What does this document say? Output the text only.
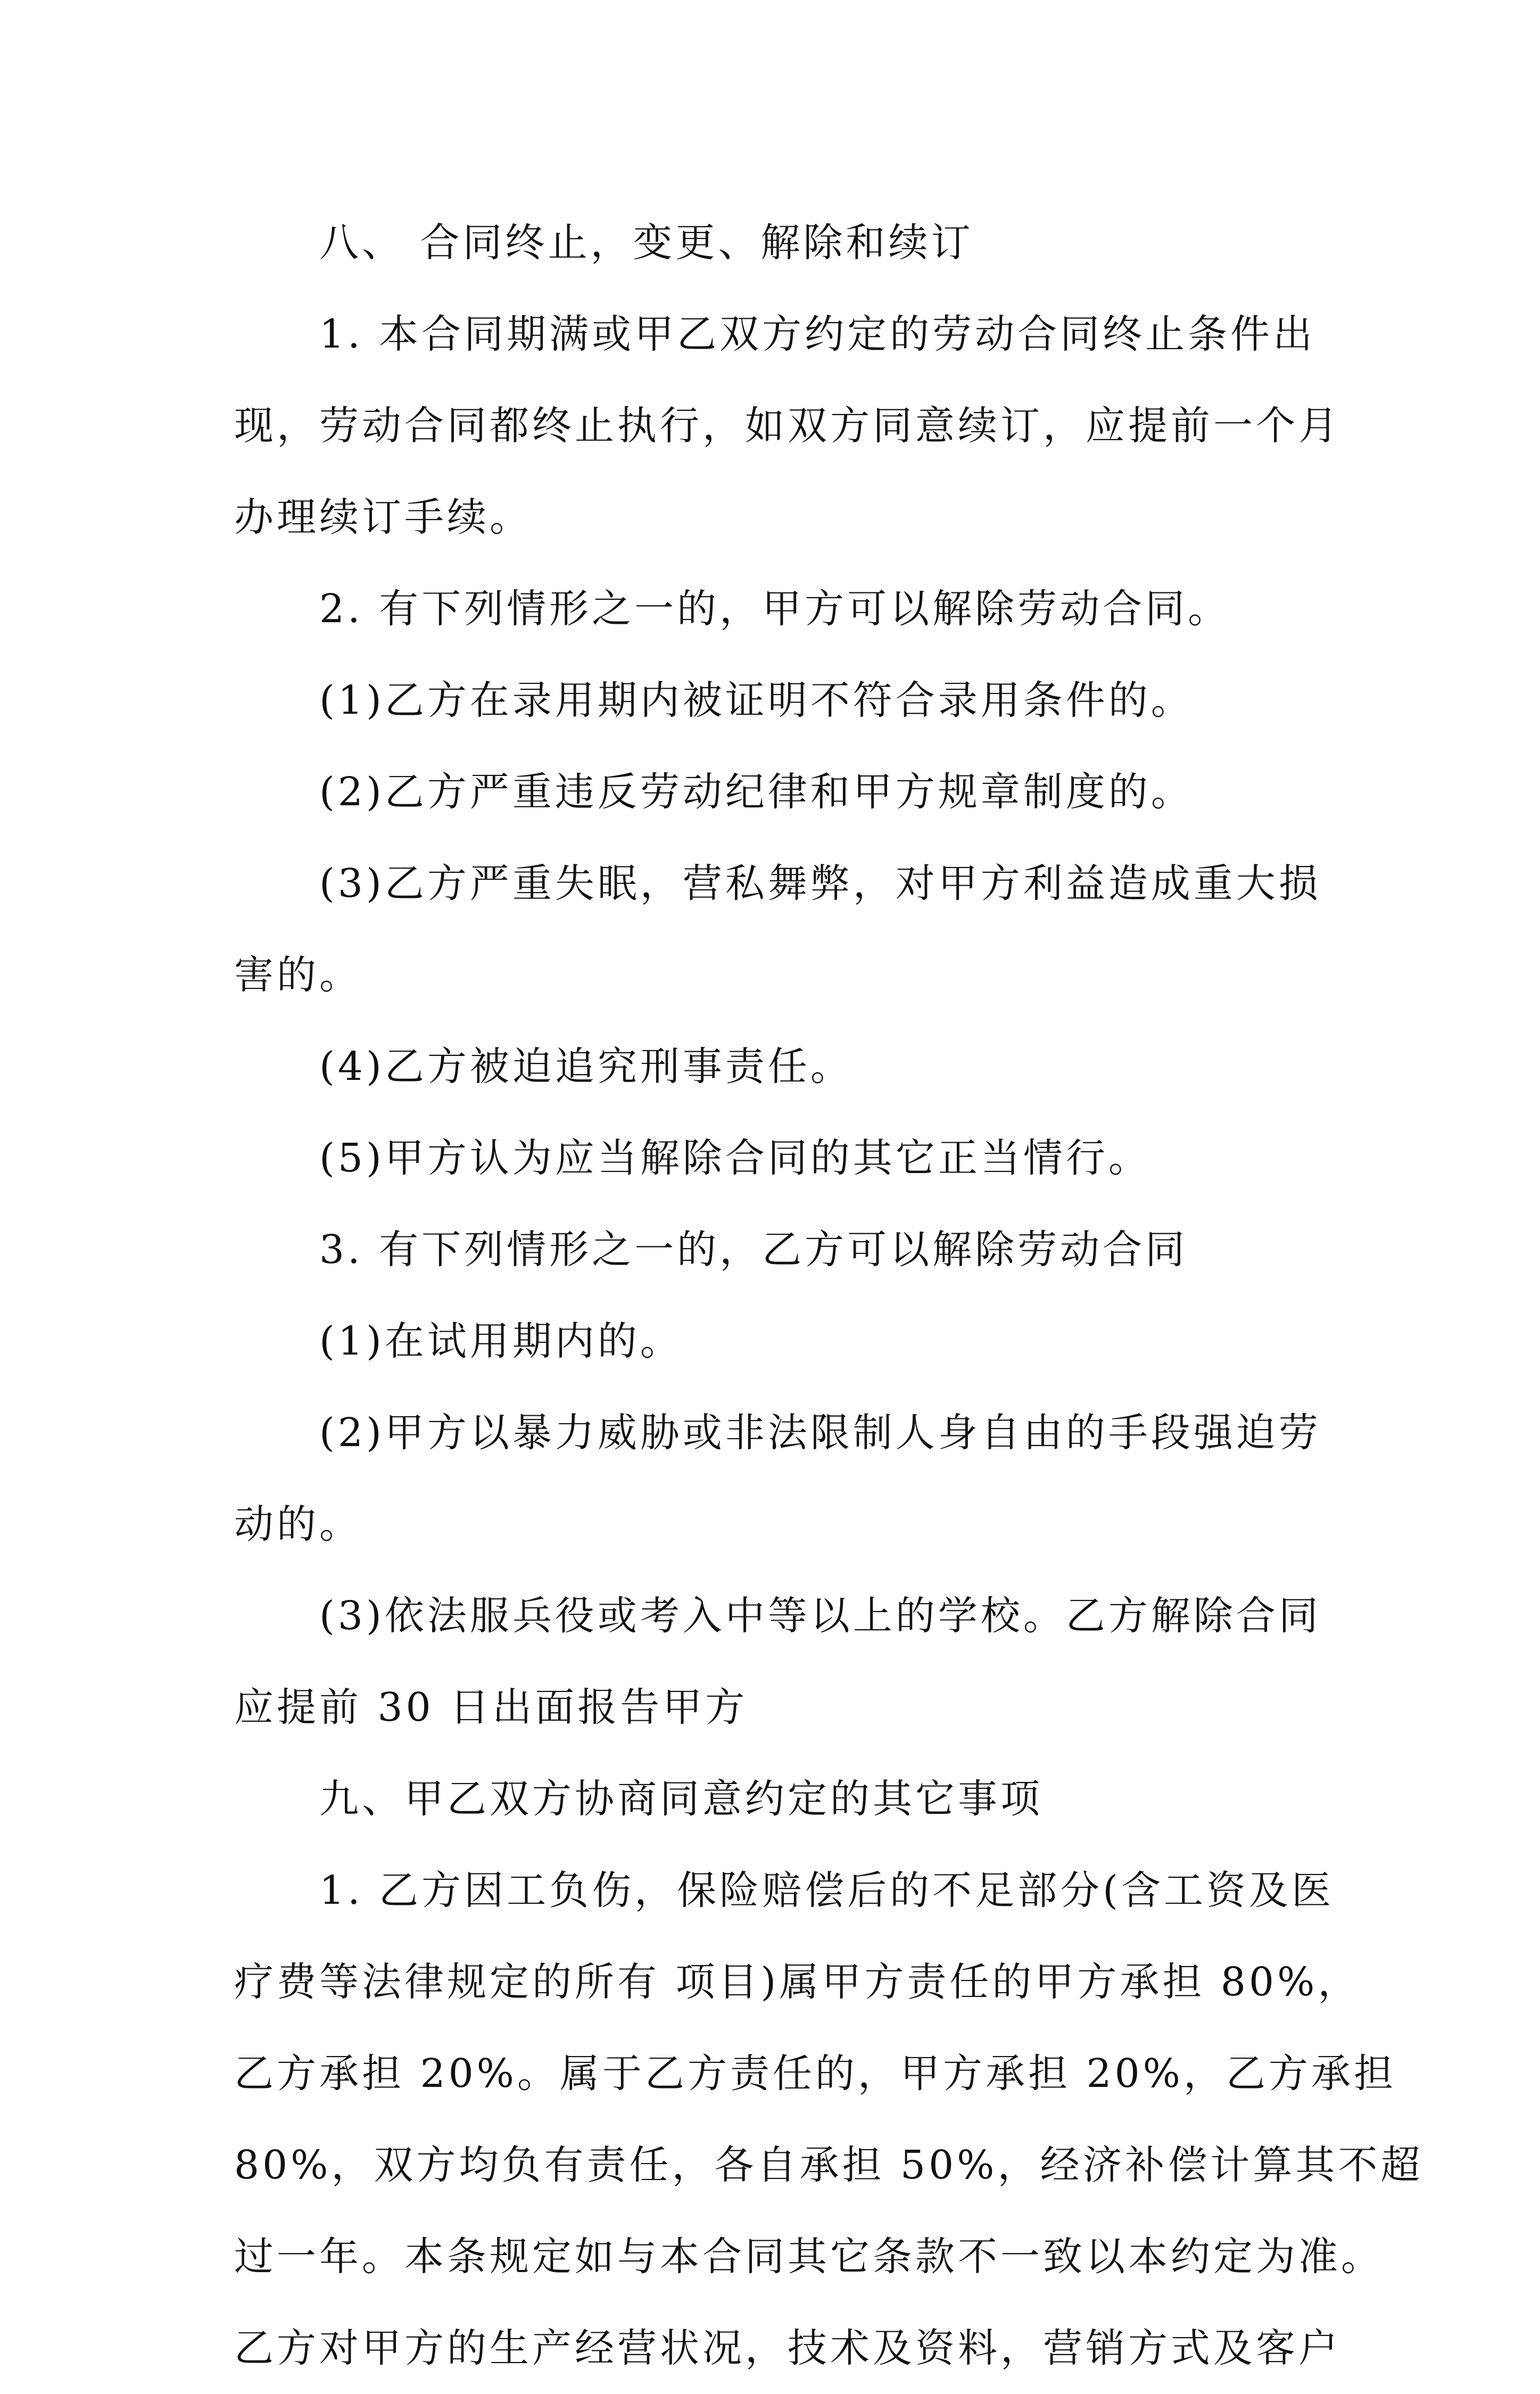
八、 合同终止，变更、解除和续订
1. 本合同期满或甲乙双方约定的劳动合同终止条件出
现，劳动合同都终止执行，如双方同意续订，应提前一个月
办理续订手续。
2. 有下列情形之一的，甲方可以解除劳动合同。
(1)乙方在录用期内被证明不符合录用条件的。
(2)乙方严重违反劳动纪律和甲方规章制度的。
(3)乙方严重失眠，营私舞弊，对甲方利益造成重大损
害的。
(4)乙方被迫追究刑事责任。
(5)甲方认为应当解除合同的其它正当情行。
3. 有下列情形之一的，乙方可以解除劳动合同
(1)在试用期内的。
(2)甲方以暴力威胁或非法限制人身自由的手段强迫劳
动的。
(3)依法服兵役或考入中等以上的学校。乙方解除合同
应提前 30 日出面报告甲方
九、甲乙双方协商同意约定的其它事项
1. 乙方因工负伤，保险赔偿后的不足部分(含工资及医
疗费等法律规定的所有 项目)属甲方责任的甲方承担 80%，
乙方承担 20%。属于乙方责任的，甲方承担 20%，乙方承担
80%，双方均负有责任，各自承担 50%，经济补偿计算其不超
过一年。本条规定如与本合同其它条款不一致以本约定为准。
乙方对甲方的生产经营状况，技术及资料，营销方式及客户
